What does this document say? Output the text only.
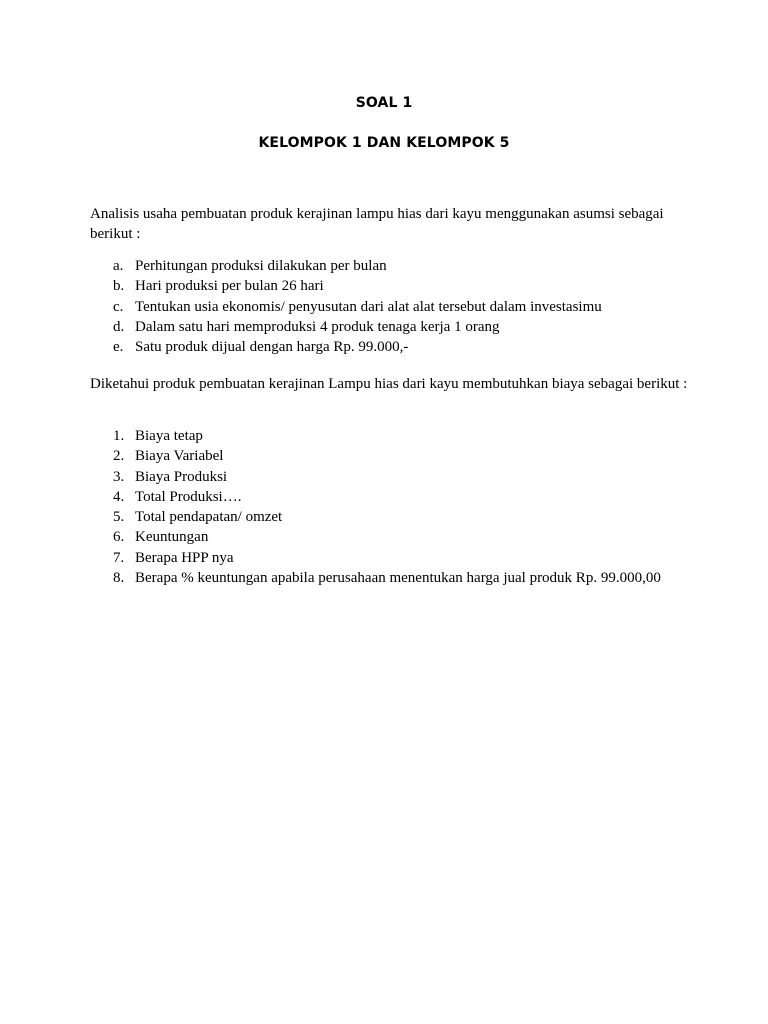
SOAL 1
KELOMPOK 1 DAN KELOMPOK 5

Analisis usaha pembuatan produk kerajinan lampu hias dari kayu menggunakan asumsi sebagai berikut :

a. Perhitungan produksi dilakukan per bulan
b. Hari produksi per bulan 26 hari
c. Tentukan usia ekonomis/ penyusutan dari alat alat tersebut dalam investasimu
d. Dalam satu hari memproduksi 4 produk tenaga kerja 1 orang
e. Satu produk dijual dengan harga Rp. 99.000,-

Diketahui produk pembuatan kerajinan Lampu hias dari kayu membutuhkan biaya sebagai berikut :

1. Biaya tetap
2. Biaya Variabel
3. Biaya Produksi
4. Total Produksi….
5. Total pendapatan/ omzet
6. Keuntungan
7. Berapa HPP nya
8. Berapa % keuntungan apabila perusahaan menentukan harga jual produk Rp. 99.000,00
